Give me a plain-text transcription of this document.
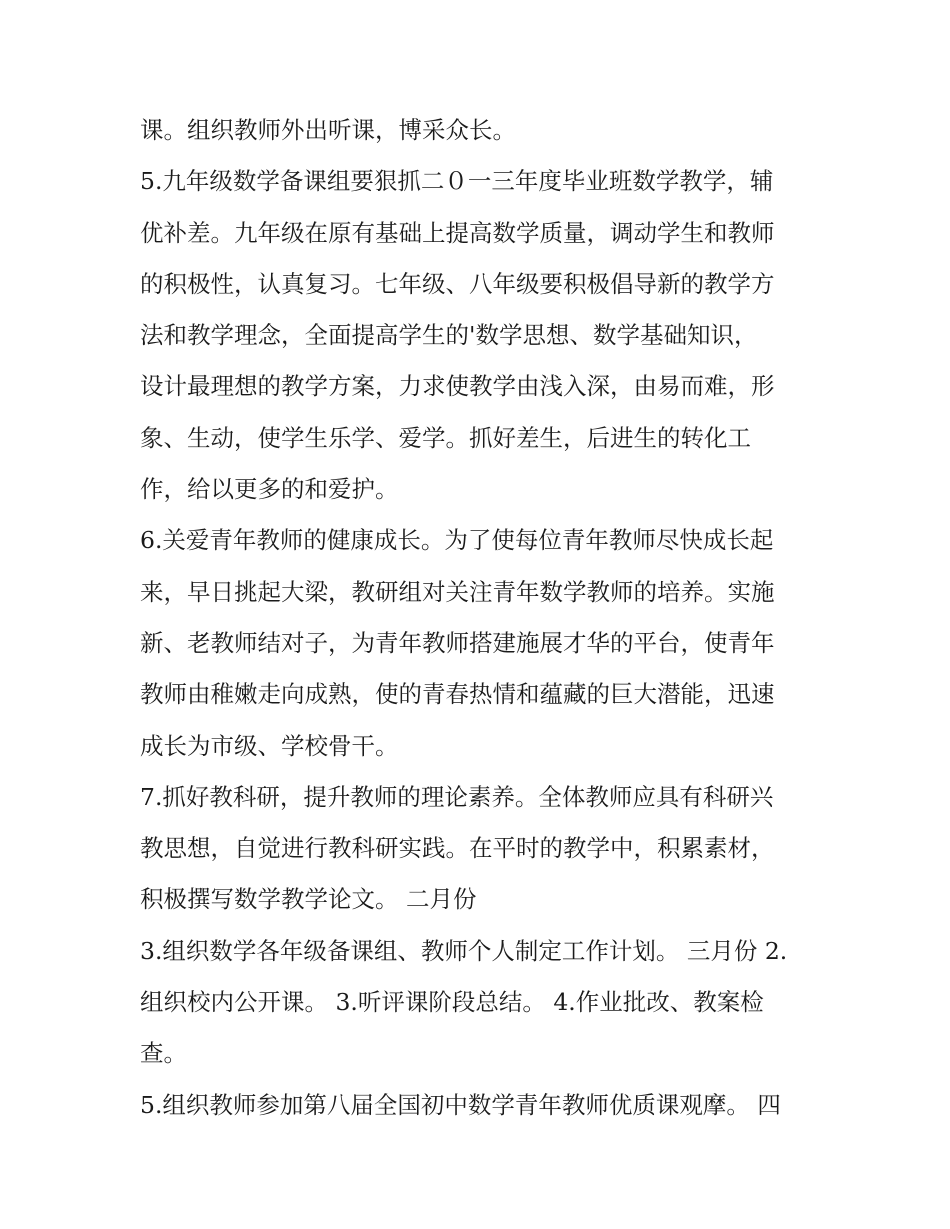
课。组织教师外出听课，博采众长。
5.九年级数学备课组要狠抓二０一三年度毕业班数学教学，辅
优补差。九年级在原有基础上提高数学质量，调动学生和教师
的积极性，认真复习。七年级、八年级要积极倡导新的教学方
法和教学理念，全面提高学生的'数学思想、数学基础知识，
设计最理想的教学方案，力求使教学由浅入深，由易而难，形
象、生动，使学生乐学、爱学。抓好差生，后进生的转化工
作，给以更多的和爱护。
6.关爱青年教师的健康成长。为了使每位青年教师尽快成长起
来，早日挑起大梁，教研组对关注青年数学教师的培养。实施
新、老教师结对子，为青年教师搭建施展才华的平台，使青年
教师由稚嫩走向成熟，使的青春热情和蕴藏的巨大潜能，迅速
成长为市级、学校骨干。
7.抓好教科研，提升教师的理论素养。全体教师应具有科研兴
教思想，自觉进行教科研实践。在平时的教学中，积累素材，
积极撰写数学教学论文。 二月份
3.组织数学各年级备课组、教师个人制定工作计划。 三月份 2.
组织校内公开课。 3.听评课阶段总结。 4.作业批改、教案检
查。
5.组织教师参加第八届全国初中数学青年教师优质课观摩。 四
